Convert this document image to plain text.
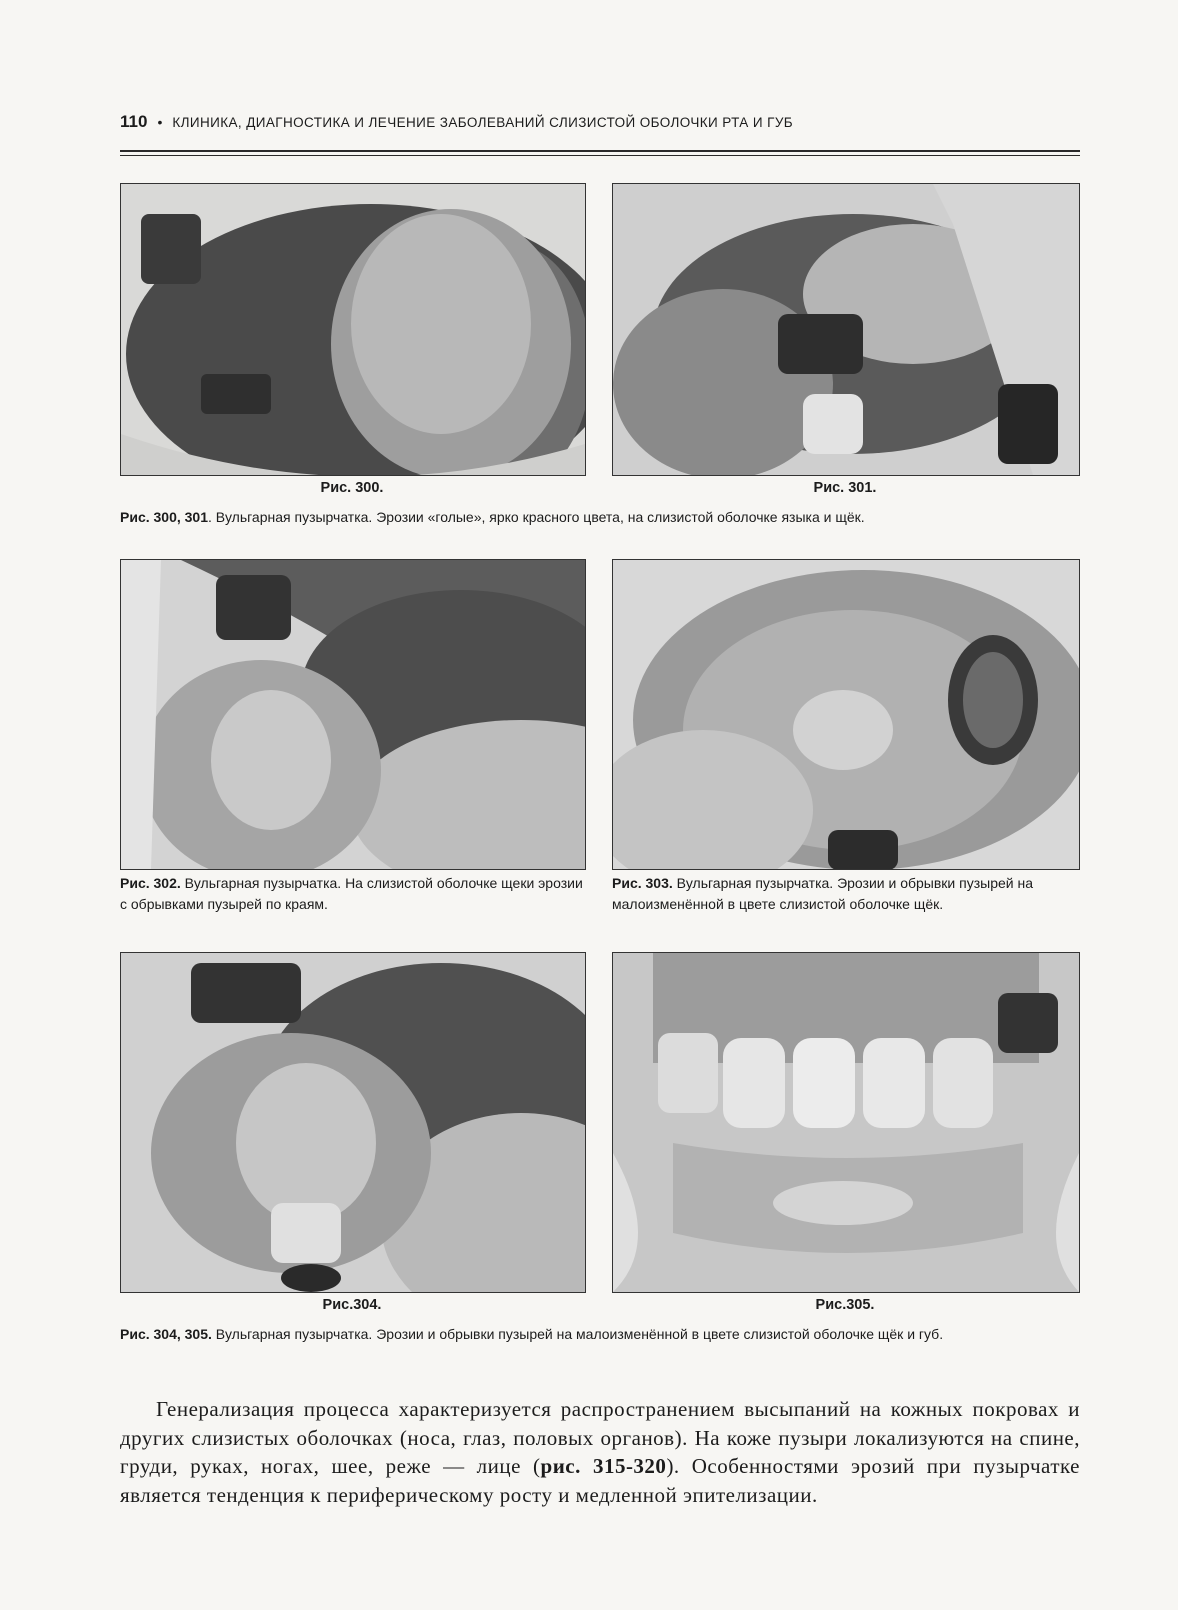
110 • КЛИНИКА, ДИАГНОСТИКА И ЛЕЧЕНИЕ ЗАБОЛЕВАНИЙ СЛИЗИСТОЙ ОБОЛОЧКИ РТА И ГУБ
Рис. 300.	Рис. 301.
Рис. 300, 301. Вульгарная пузырчатка. Эрозии «голые», ярко красного цвета, на слизистой оболочке языка и щёк.
Рис. 302. Вульгарная пузырчатка. На слизистой оболочке щеки эрозии с обрывками пузырей по краям.
Рис. 303. Вульгарная пузырчатка. Эрозии и обрывки пузырей на малоизменённой в цвете слизистой оболочке щёк.
Рис.304.	Рис.305.
Рис. 304, 305. Вульгарная пузырчатка. Эрозии и обрывки пузырей на малоизменённой в цвете слизистой оболочке щёк и губ.
Генерализация процесса характеризуется распространением высыпаний на кожных покровах и других слизистых оболочках (носа, глаз, половых органов). На коже пузыри локализуются на спине, груди, руках, ногах, шее, реже — лице (рис. 315-320). Особенностями эрозий при пузырчатке является тенденция к периферическому росту и медленной эпителизации.
